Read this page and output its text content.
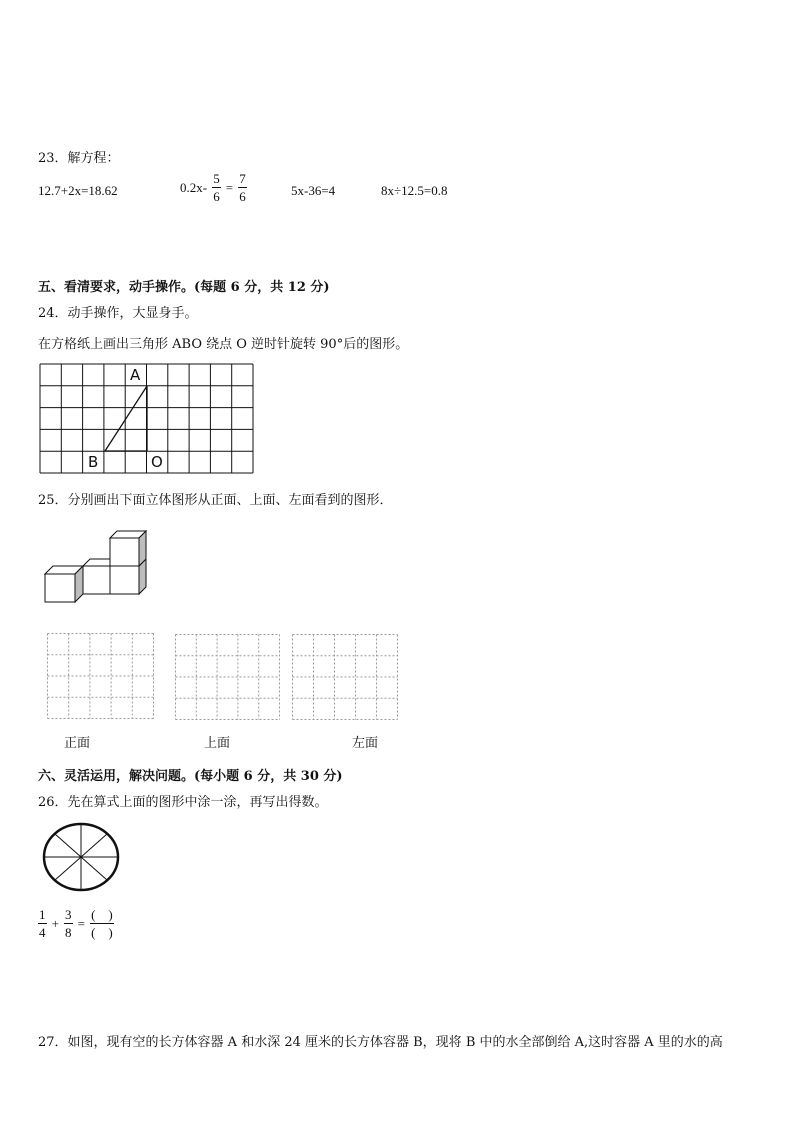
23．解方程：
12.7+2x=18.62	$0.2x- \frac{5}{6} = \frac{7}{6}$	5x-36=4	8x÷12.5=0.8
五、看清要求，动手操作。(每题 6 分，共 12 分)
24．动手操作，大显身手。
在方格纸上画出三角形 ABO 绕点 O 逆时针旋转 90°后的图形。
A
B	O
25．分别画出下面立体图形从正面、上面、左面看到的图形．
正面	上面	左面
六、灵活运用，解决问题。(每小题 6 分，共 30 分)
26．先在算式上面的图形中涂一涂，再写出得数。
$\frac{1}{4} + \frac{3}{8} = \frac{( )}{( )}$
27．如图，现有空的长方体容器 A 和水深 24 厘米的长方体容器 B，现将 B 中的水全部倒给 A,这时容器 A 里的水的高
